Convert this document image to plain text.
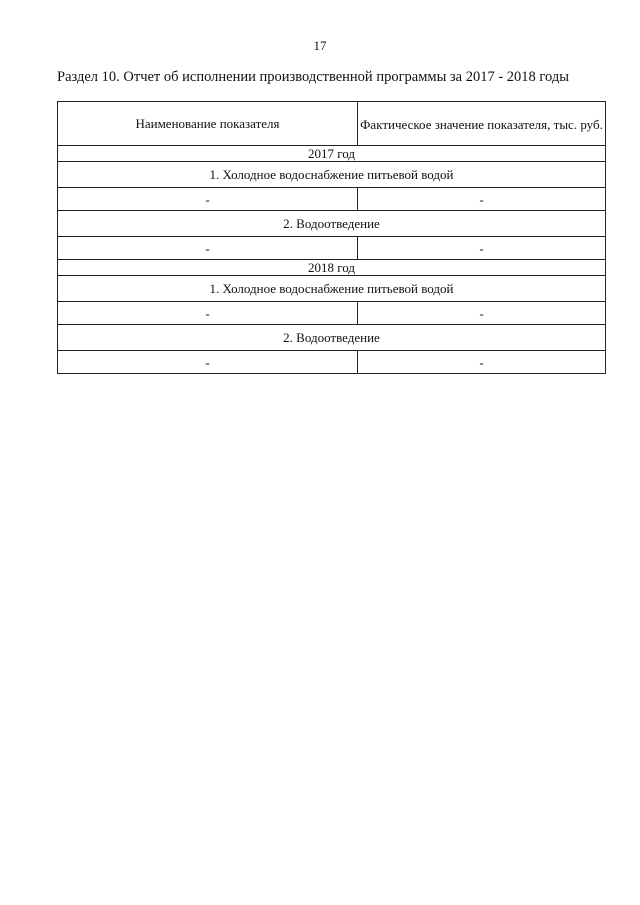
17
Раздел 10. Отчет об исполнении производственной программы за 2017 - 2018 годы
Наименование показателя	Фактическое значение показателя, тыс. руб.
2017 год	
1. Холодное водоснабжение питьевой водой	
-	-
2. Водоотведение	
-	-
2018 год	
1. Холодное водоснабжение питьевой водой	
-	-
2. Водоотведение	
-	-
